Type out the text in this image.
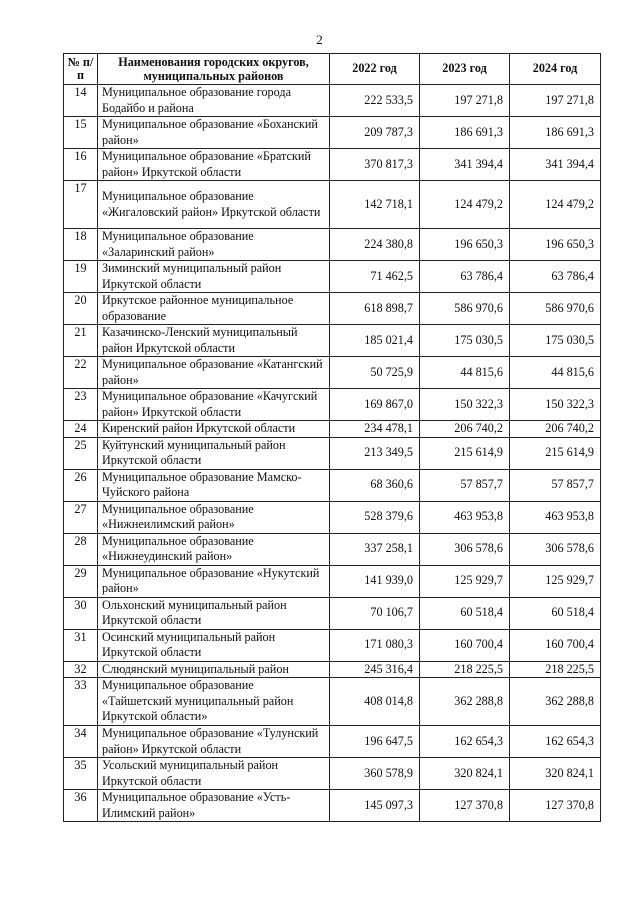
2
№ п/п	Наименования городских округов, муниципальных районов	2022 год	2023 год	2024 год
14	Муниципальное образование города Бодайбо и района	222 533,5	197 271,8	197 271,8
15	Муниципальное образование «Боханский район»	209 787,3	186 691,3	186 691,3
16	Муниципальное образование «Братский район» Иркутской области	370 817,3	341 394,4	341 394,4
17	Муниципальное образование «Жигаловский район» Иркутской области	142 718,1	124 479,2	124 479,2
18	Муниципальное образование «Заларинский район»	224 380,8	196 650,3	196 650,3
19	Зиминский муниципальный район Иркутской области	71 462,5	63 786,4	63 786,4
20	Иркутское районное муниципальное образование	618 898,7	586 970,6	586 970,6
21	Казачинско-Ленский муниципальный район Иркутской области	185 021,4	175 030,5	175 030,5
22	Муниципальное образование «Катангский район»	50 725,9	44 815,6	44 815,6
23	Муниципальное образование «Качугский район» Иркутской области	169 867,0	150 322,3	150 322,3
24	Киренский район Иркутской области	234 478,1	206 740,2	206 740,2
25	Куйтунский муниципальный район Иркутской области	213 349,5	215 614,9	215 614,9
26	Муниципальное образование Мамско-Чуйского района	68 360,6	57 857,7	57 857,7
27	Муниципальное образование «Нижнеилимский район»	528 379,6	463 953,8	463 953,8
28	Муниципальное образование «Нижнеудинский район»	337 258,1	306 578,6	306 578,6
29	Муниципальное образование «Нукутский район»	141 939,0	125 929,7	125 929,7
30	Ольхонский муниципальный район Иркутской области	70 106,7	60 518,4	60 518,4
31	Осинский муниципальный район Иркутской области	171 080,3	160 700,4	160 700,4
32	Слюдянский муниципальный район	245 316,4	218 225,5	218 225,5
33	Муниципальное образование «Тайшетский муниципальный район Иркутской области»	408 014,8	362 288,8	362 288,8
34	Муниципальное образование «Тулунский район» Иркутской области	196 647,5	162 654,3	162 654,3
35	Усольский муниципальный район Иркутской области	360 578,9	320 824,1	320 824,1
36	Муниципальное образование «Усть-Илимский район»	145 097,3	127 370,8	127 370,8
